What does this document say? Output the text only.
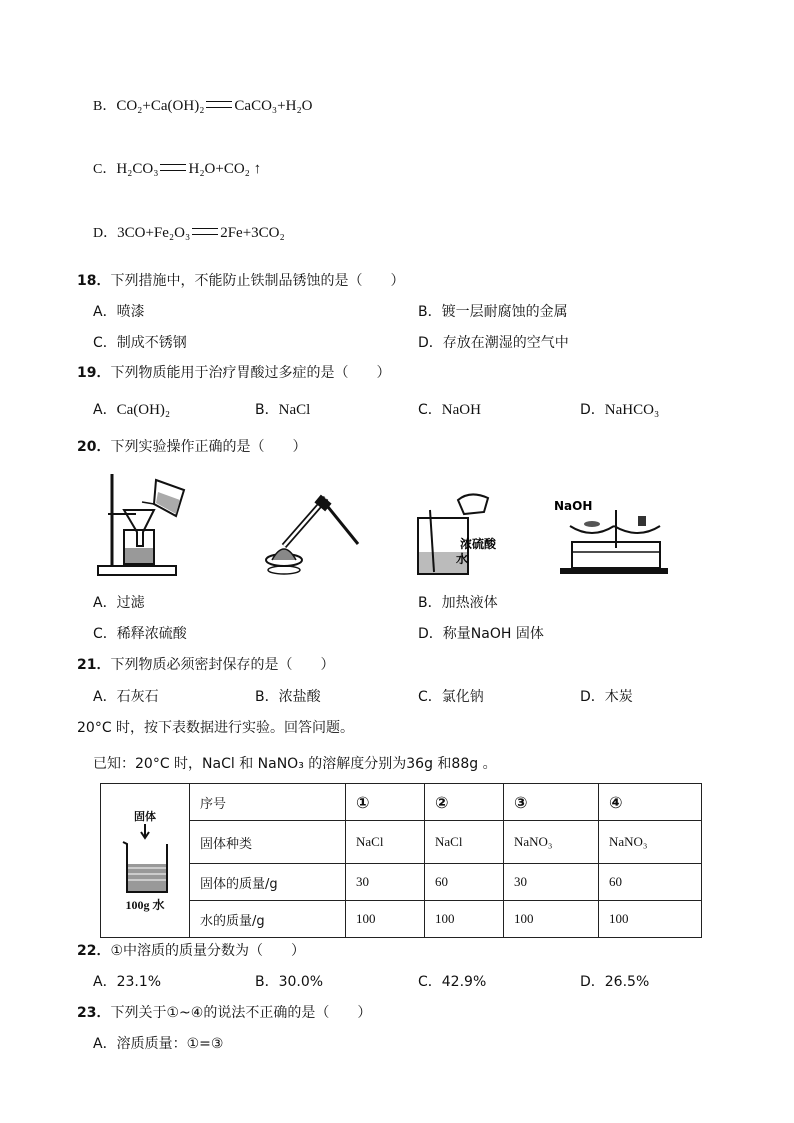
B．CO₂+Ca(OH)₂ CaCO₃+H₂O
C．H₂CO₃ H₂O+CO₂ ↑
D．3CO+Fe₂O₃ 2Fe+3CO₂
18．下列措施中，不能防止铁制品锈蚀的是（　　）
A．喷漆	B．镀一层耐腐蚀的金属
C．制成不锈钢	D．存放在潮湿的空气中
19．下列物质能用于治疗胃酸过多症的是（　　）
A．Ca(OH)₂	B．NaCl	C．NaOH	D．NaHCO₃
20．下列实验操作正确的是（　　）
浓硫酸
水
NaOH
A．过滤	B．加热液体
C．稀释浓硫酸	D．称量NaOH 固体
21．下列物质必须密封保存的是（　　）
A．石灰石	B．浓盐酸	C．氯化钠	D．木炭
20°C 时，按下表数据进行实验。回答问题。
已知：20°C 时，NaCl 和 NaNO₃ 的溶解度分别为36g 和88g 。
固体
100g 水	序号	①	②	③	④
	固体种类	NaCl	NaCl	NaNO₃	NaNO₃
	固体的质量/g	30	60	30	60
	水的质量/g	100	100	100	100
22．①中溶质的质量分数为（　　）
A．23.1%	B．30.0%	C．42.9%	D．26.5%
23．下列关于①~④的说法不正确的是（　　）
A．溶质质量：①=③
